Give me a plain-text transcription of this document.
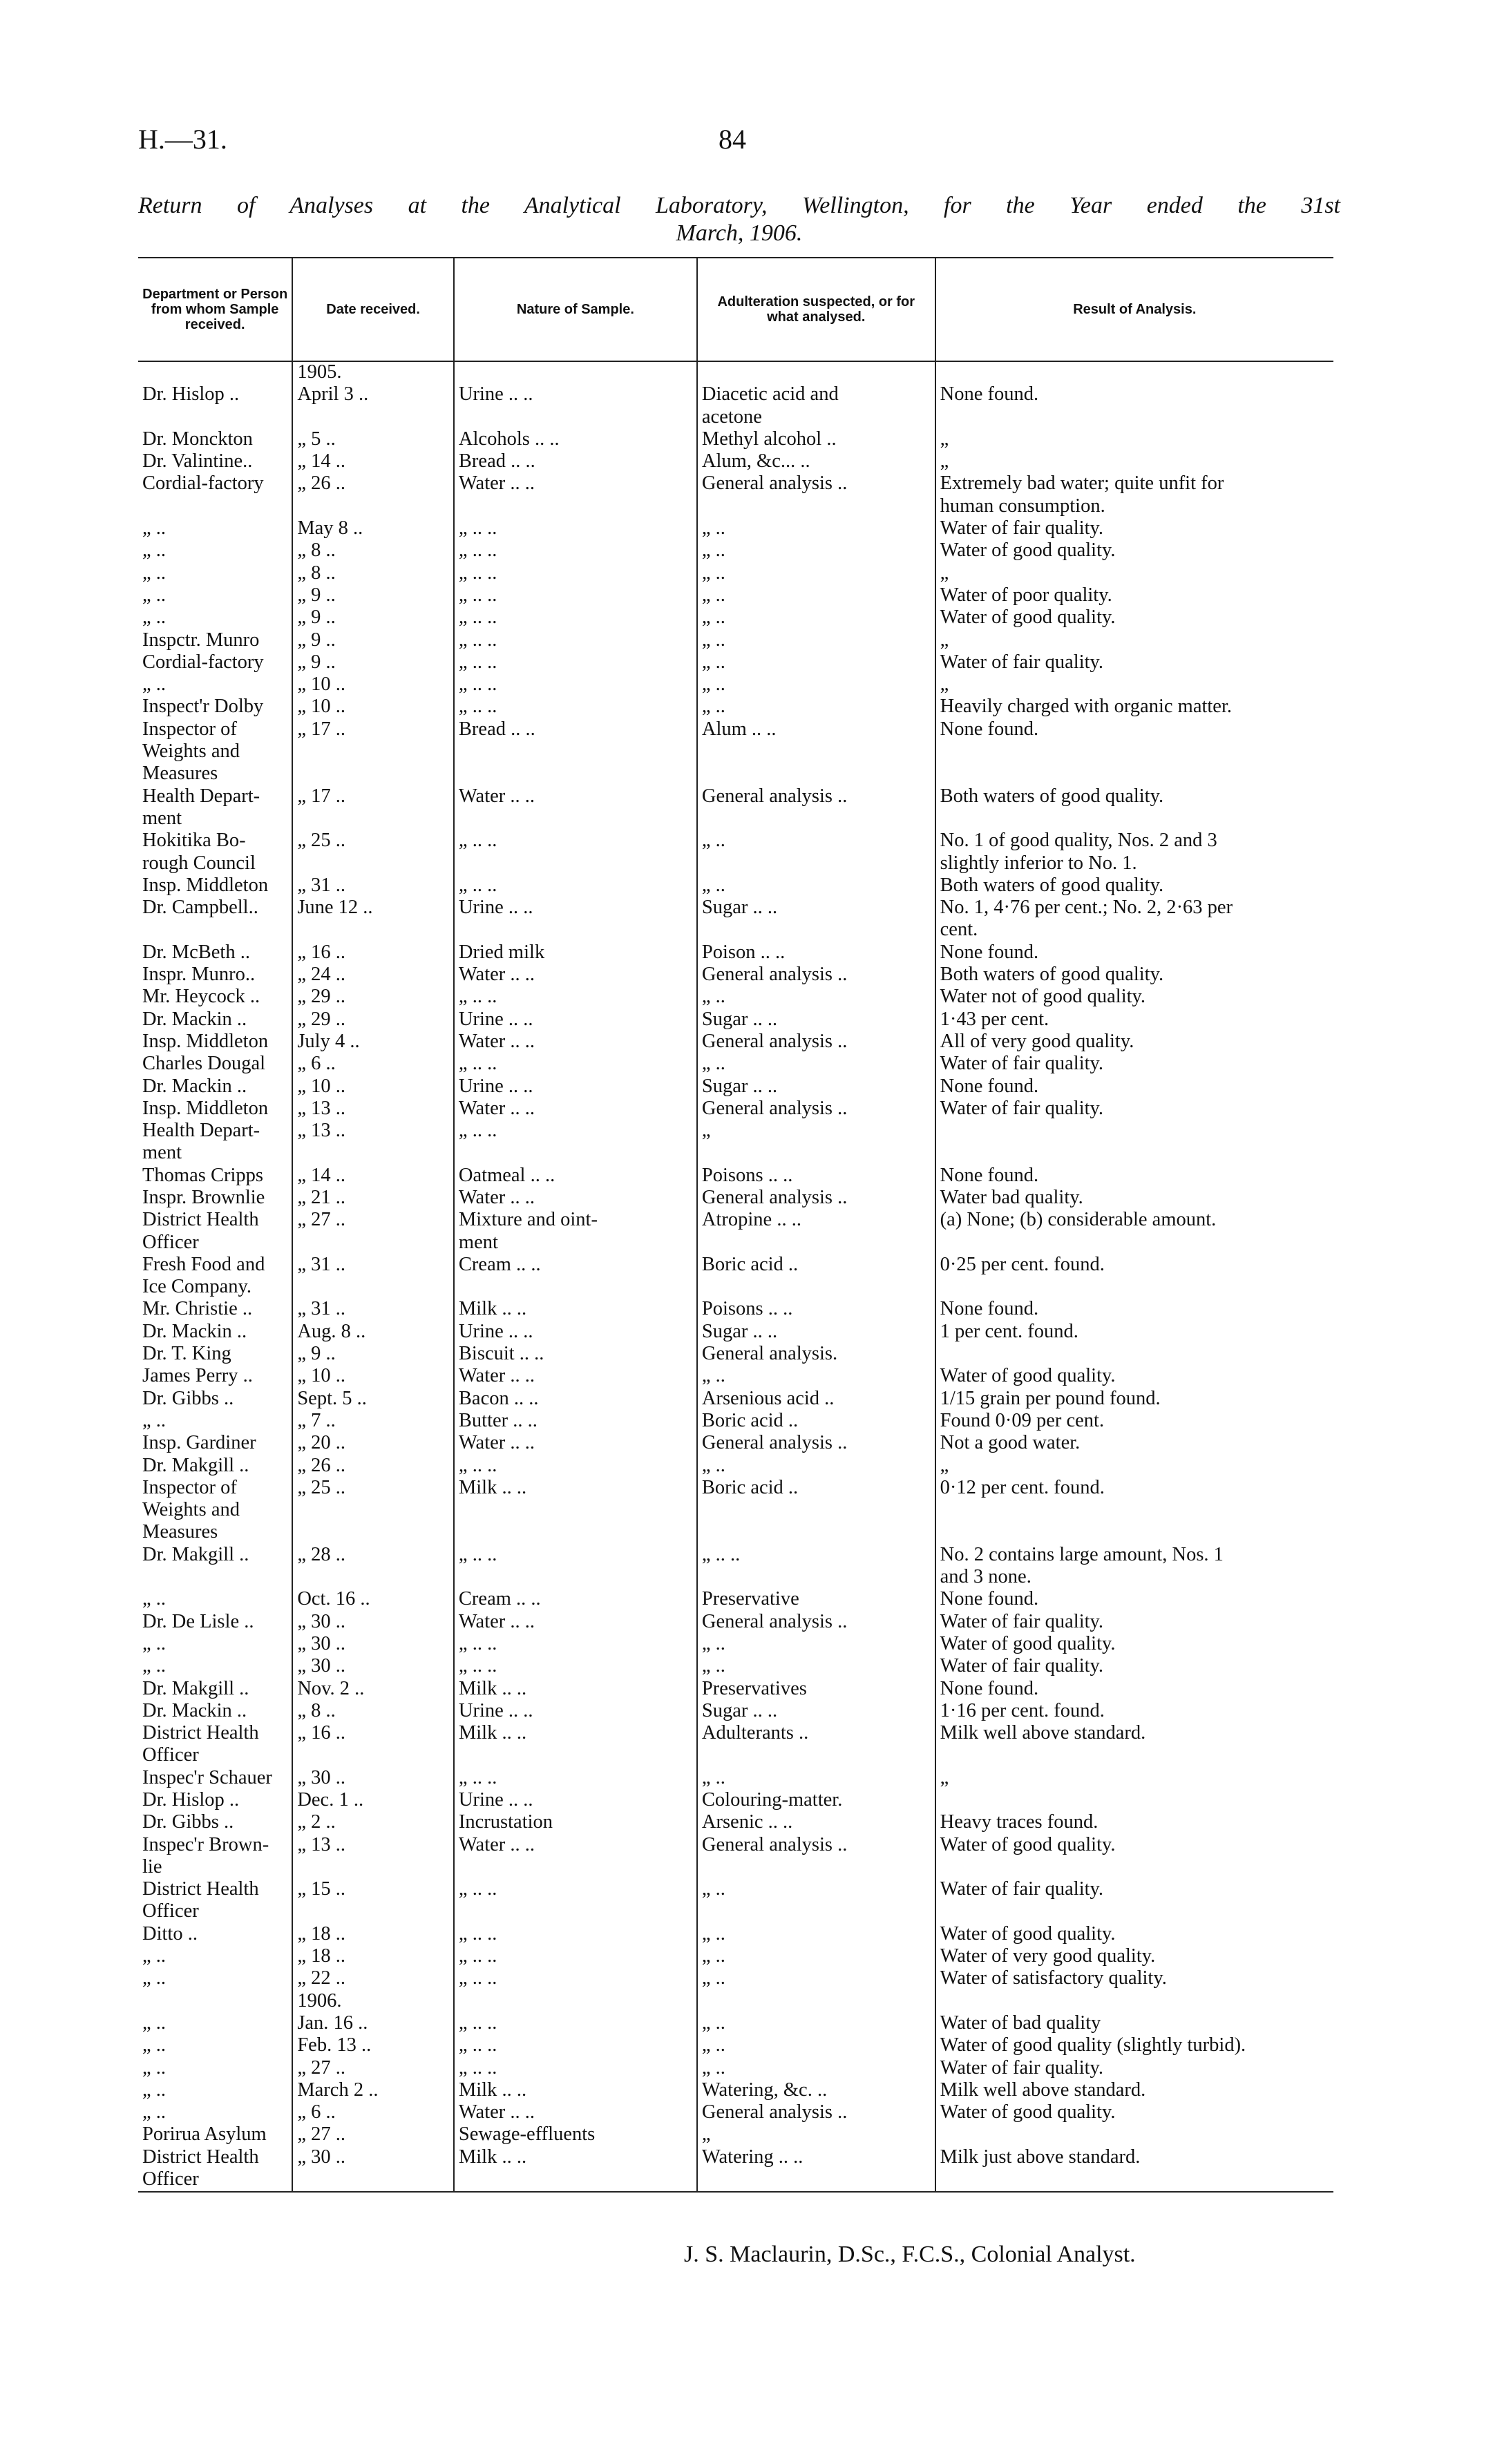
H.—31.	84
Return of Analyses at the Analytical Laboratory, Wellington, for the Year ended the 31st
March, 1906.
Department or Person from whom Sample received.	Date received.	Nature of Sample.	Adulteration suspected, or for what analysed.	Result of Analysis.
	1905.			
Dr. Hislop ..	April 3 ..	Urine .. ..	Diacetic acid and	None found.
			acetone	
Dr. Monckton	„ 5 ..	Alcohols .. ..	Methyl alcohol ..	„
Dr. Valintine..	„ 14 ..	Bread .. ..	Alum, &c... ..	„
Cordial-factory	„ 26 ..	Water .. ..	General analysis ..	Extremely bad water; quite unfit for
				human consumption.
„ ..	May 8 ..	„ .. ..	„ ..	Water of fair quality.
„ ..	„ 8 ..	„ .. ..	„ ..	Water of good quality.
„ ..	„ 8 ..	„ .. ..	„ ..	„
„ ..	„ 9 ..	„ .. ..	„ ..	Water of poor quality.
„ ..	„ 9 ..	„ .. ..	„ ..	Water of good quality.
Inspctr. Munro	„ 9 ..	„ .. ..	„ ..	„
Cordial-factory	„ 9 ..	„ .. ..	„ ..	Water of fair quality.
„ ..	„ 10 ..	„ .. ..	„ ..	„
Inspect'r Dolby	„ 10 ..	„ .. ..	„ ..	Heavily charged with organic matter.
Inspector of	„ 17 ..	Bread .. ..	Alum .. ..	None found.
Weights and				
Measures				
Health Depart-	„ 17 ..	Water .. ..	General analysis ..	Both waters of good quality.
ment				
Hokitika Bo-	„ 25 ..	„ .. ..	„ ..	No. 1 of good quality, Nos. 2 and 3
rough Council				slightly inferior to No. 1.
Insp. Middleton	„ 31 ..	„ .. ..	„ ..	Both waters of good quality.
Dr. Campbell..	June 12 ..	Urine .. ..	Sugar .. ..	No. 1, 4·76 per cent.; No. 2, 2·63 per
				cent.
Dr. McBeth ..	„ 16 ..	Dried milk	Poison .. ..	None found.
Inspr. Munro..	„ 24 ..	Water .. ..	General analysis ..	Both waters of good quality.
Mr. Heycock ..	„ 29 ..	„ .. ..	„ ..	Water not of good quality.
Dr. Mackin ..	„ 29 ..	Urine .. ..	Sugar .. ..	1·43 per cent.
Insp. Middleton	July 4 ..	Water .. ..	General analysis ..	All of very good quality.
Charles Dougal	„ 6 ..	„ .. ..	„ ..	Water of fair quality.
Dr. Mackin ..	„ 10 ..	Urine .. ..	Sugar .. ..	None found.
Insp. Middleton	„ 13 ..	Water .. ..	General analysis ..	Water of fair quality.
Health Depart-	„ 13 ..	„ .. ..	„	
ment				
Thomas Cripps	„ 14 ..	Oatmeal .. ..	Poisons .. ..	None found.
Inspr. Brownlie	„ 21 ..	Water .. ..	General analysis ..	Water bad quality.
District Health	„ 27 ..	Mixture and oint-	Atropine .. ..	(a) None; (b) considerable amount.
Officer		ment		
Fresh Food and	„ 31 ..	Cream .. ..	Boric acid ..	0·25 per cent. found.
Ice Company.				
Mr. Christie ..	„ 31 ..	Milk .. ..	Poisons .. ..	None found.
Dr. Mackin ..	Aug. 8 ..	Urine .. ..	Sugar .. ..	1 per cent. found.
Dr. T. King	„ 9 ..	Biscuit .. ..	General analysis.	
James Perry ..	„ 10 ..	Water .. ..	„ ..	Water of good quality.
Dr. Gibbs ..	Sept. 5 ..	Bacon .. ..	Arsenious acid ..	1/15 grain per pound found.
„ ..	„ 7 ..	Butter .. ..	Boric acid ..	Found 0·09 per cent.
Insp. Gardiner	„ 20 ..	Water .. ..	General analysis ..	Not a good water.
Dr. Makgill ..	„ 26 ..	„ .. ..	„ ..	„
Inspector of	„ 25 ..	Milk .. ..	Boric acid ..	0·12 per cent. found.
Weights and				
Measures				
Dr. Makgill ..	„ 28 ..	„ .. ..	„ .. ..	No. 2 contains large amount, Nos. 1
				and 3 none.
„ ..	Oct. 16 ..	Cream .. ..	Preservative	None found.
Dr. De Lisle ..	„ 30 ..	Water .. ..	General analysis ..	Water of fair quality.
„ ..	„ 30 ..	„ .. ..	„ ..	Water of good quality.
„ ..	„ 30 ..	„ .. ..	„ ..	Water of fair quality.
Dr. Makgill ..	Nov. 2 ..	Milk .. ..	Preservatives	None found.
Dr. Mackin ..	„ 8 ..	Urine .. ..	Sugar .. ..	1·16 per cent. found.
District Health	„ 16 ..	Milk .. ..	Adulterants ..	Milk well above standard.
Officer				
Inspec'r Schauer	„ 30 ..	„ .. ..	„ ..	„
Dr. Hislop ..	Dec. 1 ..	Urine .. ..	Colouring-matter.	
Dr. Gibbs ..	„ 2 ..	Incrustation	Arsenic .. ..	Heavy traces found.
Inspec'r Brown-	„ 13 ..	Water .. ..	General analysis ..	Water of good quality.
lie				
District Health	„ 15 ..	„ .. ..	„ ..	Water of fair quality.
Officer				
Ditto ..	„ 18 ..	„ .. ..	„ ..	Water of good quality.
„ ..	„ 18 ..	„ .. ..	„ ..	Water of very good quality.
„ ..	„ 22 ..	„ .. ..	„ ..	Water of satisfactory quality.
	1906.			
„ ..	Jan. 16 ..	„ .. ..	„ ..	Water of bad quality
„ ..	Feb. 13 ..	„ .. ..	„ ..	Water of good quality (slightly turbid).
„ ..	„ 27 ..	„ .. ..	„ ..	Water of fair quality.
„ ..	March 2 ..	Milk .. ..	Watering, &c. ..	Milk well above standard.
„ ..	„ 6 ..	Water .. ..	General analysis ..	Water of good quality.
Porirua Asylum	„ 27 ..	Sewage-effluents	„	
District Health	„ 30 ..	Milk .. ..	Watering .. ..	Milk just above standard.
Officer				
J. S. Maclaurin, D.Sc., F.C.S., Colonial Analyst.
